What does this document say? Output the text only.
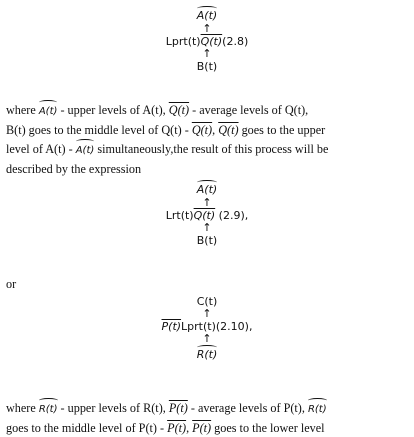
A(t)
↑
Lprt(t)Q(t)(2.8)
↑
B(t)
where A(t) - upper levels of A(t), Q(t) - average levels of Q(t),
B(t) goes to the middle level of Q(t) - Q(t), Q(t) goes to the upper
level of A(t) - A(t) simultaneously,the result of this process will be
described by the expression
A(t)
↑
Lrt(t)Q(t) (2.9),
↑
B(t)
or
C(t)
↑
P(t)Lprt(t)(2.10),
↑
R(t)
where R(t) - upper levels of R(t), P(t) - average levels of P(t), R(t)
goes to the middle level of P(t) - P(t), P(t) goes to the lower level
